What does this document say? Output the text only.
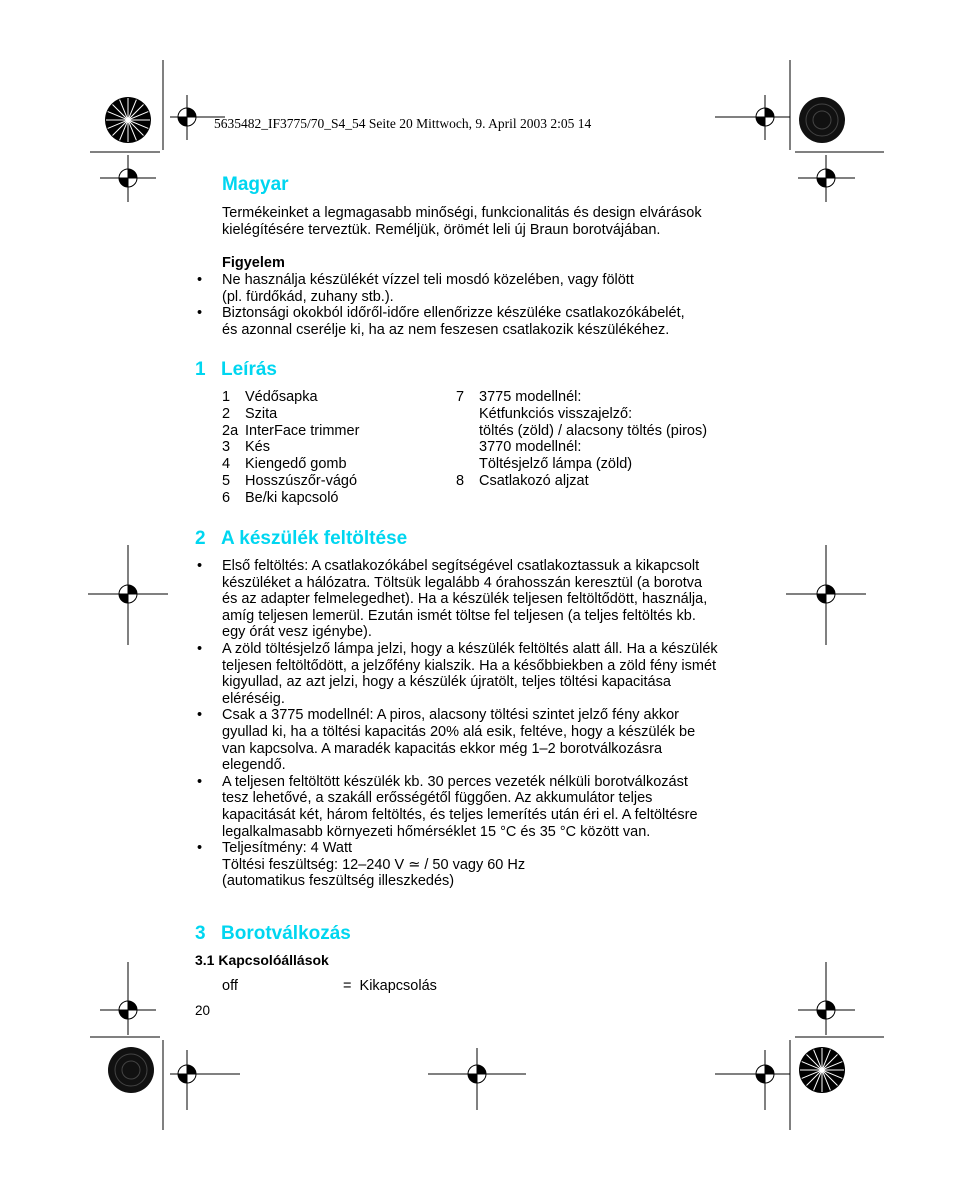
5635482_IF3775/70_S4_54 Seite 20 Mittwoch, 9. April 2003 2:05 14
Magyar
Termékeinket a legmagasabb minőségi, funkcionalitás és design elvárások
kielégítésére terveztük. Reméljük, örömét leli új Braun borotvájában.
Figyelem
• Ne használja készülékét vízzel teli mosdó közelében, vagy fölött
(pl. fürdőkád, zuhany stb.).
• Biztonsági okokból időről-időre ellenőrizze készüléke csatlakozókábelét,
és azonnal cserélje ki, ha az nem feszesen csatlakozik készülékéhez.
1 Leírás
1 Védősapka
2 Szita
2a InterFace trimmer
3 Kés
4 Kiengedő gomb
5 Hosszúszőr-vágó
6 Be/ki kapcsoló
7 3775 modellnél:
Kétfunkciós visszajelző:
töltés (zöld) / alacsony töltés (piros)
3770 modellnél:
Töltésjelző lámpa (zöld)
8 Csatlakozó aljzat
2 A készülék feltöltése
• Első feltöltés: A csatlakozókábel segítségével csatlakoztassuk a kikapcsolt
készüléket a hálózatra. Töltsük legalább 4 órahosszán keresztül (a borotva
és az adapter felmelegedhet). Ha a készülék teljesen feltöltődött, használja,
amíg teljesen lemerül. Ezután ismét töltse fel teljesen (a teljes feltöltés kb.
egy órát vesz igénybe).
• A zöld töltésjelző lámpa jelzi, hogy a készülék feltöltés alatt áll. Ha a készülék
teljesen feltöltődött, a jelzőfény kialszik. Ha a későbbiekben a zöld fény ismét
kigyullad, az azt jelzi, hogy a készülék újratölt, teljes töltési kapacitása
eléréséig.
• Csak a 3775 modellnél: A piros, alacsony töltési szintet jelző fény akkor
gyullad ki, ha a töltési kapacitás 20% alá esik, feltéve, hogy a készülék be
van kapcsolva. A maradék kapacitás ekkor még 1–2 borotválkozásra
elegendő.
• A teljesen feltöltött készülék kb. 30 perces vezeték nélküli borotválkozást
tesz lehetővé, a szakáll erősségétől függően. Az akkumulátor teljes
kapacitását két, három feltöltés, és teljes lemerítés után éri el. A feltöltésre
legalkalmasabb környezeti hőmérséklet 15 °C és 35 °C között van.
• Teljesítmény: 4 Watt
Töltési feszültség: 12–240 V ≃ / 50 vagy 60 Hz
(automatikus feszültség illeszkedés)
3 Borotválkozás
3.1 Kapcsolóállások
off	=  Kikapcsolás
20
